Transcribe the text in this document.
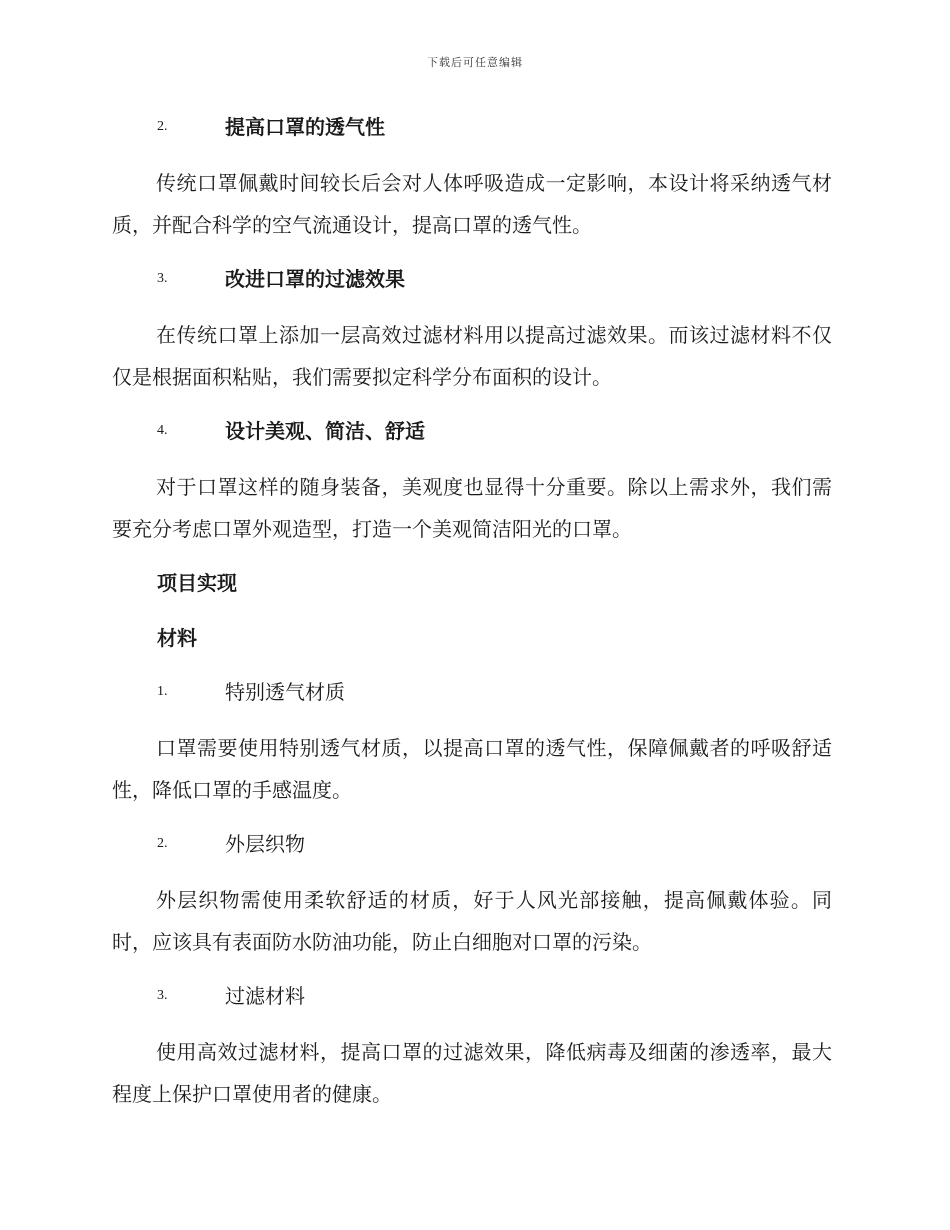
下载后可任意编辑
2.	提高口罩的透气性
传统口罩佩戴时间较长后会对人体呼吸造成一定影响，本设计将采纳透气材质，并配合科学的空气流通设计，提高口罩的透气性。
3.	改进口罩的过滤效果
在传统口罩上添加一层高效过滤材料用以提高过滤效果。而该过滤材料不仅仅是根据面积粘贴，我们需要拟定科学分布面积的设计。
4.	设计美观、简洁、舒适
对于口罩这样的随身装备，美观度也显得十分重要。除以上需求外，我们需要充分考虑口罩外观造型，打造一个美观简洁阳光的口罩。
项目实现
材料
1.	特别透气材质
口罩需要使用特别透气材质，以提高口罩的透气性，保障佩戴者的呼吸舒适性，降低口罩的手感温度。
2.	外层织物
外层织物需使用柔软舒适的材质，好于人风光部接触，提高佩戴体验。同时，应该具有表面防水防油功能，防止白细胞对口罩的污染。
3.	过滤材料
使用高效过滤材料，提高口罩的过滤效果，降低病毒及细菌的渗透率，最大程度上保护口罩使用者的健康。
